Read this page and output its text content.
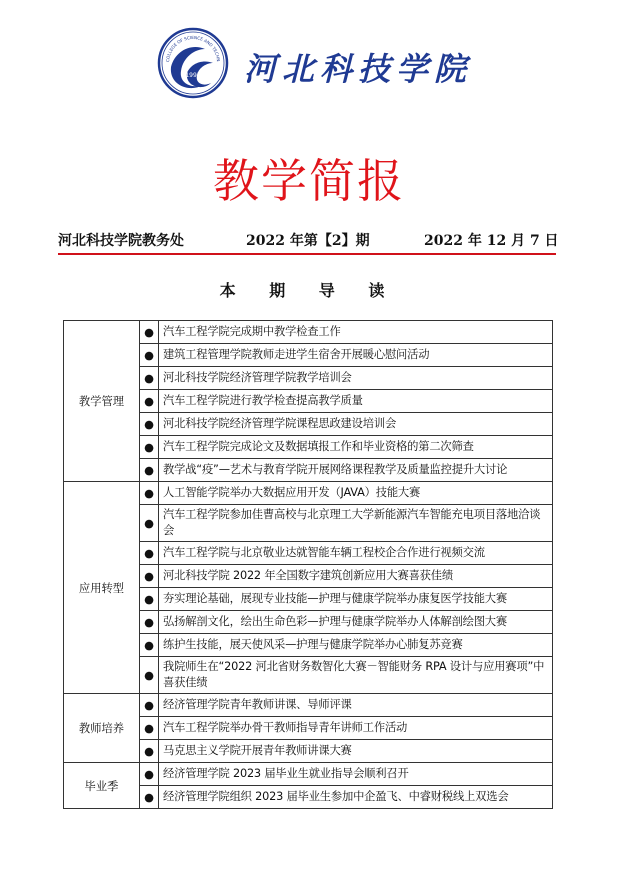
1991
COLLEGE OF SCIENCE AND TECHN 河北科技学院
教学简报
河北科技学院教务处	2022 年第【2】期	2022 年 12 月 7 日
本 期 导 读
教学管理	●	汽车工程学院完成期中教学检查工作
	●	建筑工程管理学院教师走进学生宿舍开展暖心慰问活动
	●	河北科技学院经济管理学院教学培训会
	●	汽车工程学院进行教学检查提高教学质量
	●	河北科技学院经济管理学院课程思政建设培训会
	●	汽车工程学院完成论文及数据填报工作和毕业资格的第二次筛查
	●	教学战“疫”—艺术与教育学院开展网络课程教学及质量监控提升大讨论
应用转型	●	人工智能学院举办大数据应用开发（JAVA）技能大赛
	●	汽车工程学院参加佳曹高校与北京理工大学新能源汽车智能充电项目落地洽谈会
	●	汽车工程学院与北京敬业达就智能车辆工程校企合作进行视频交流
	●	河北科技学院 2022 年全国数字建筑创新应用大赛喜获佳绩
	●	夯实理论基础，展现专业技能—护理与健康学院举办康复医学技能大赛
	●	弘扬解剖文化，绘出生命色彩—护理与健康学院举办人体解剖绘图大赛
	●	练护生技能，展天使风采—护理与健康学院举办心肺复苏竞赛
	●	我院师生在“2022 河北省财务数智化大赛－智能财务 RPA 设计与应用赛项”中喜获佳绩
教师培养	●	经济管理学院青年教师讲课、导师评课
	●	汽车工程学院举办骨干教师指导青年讲师工作活动
	●	马克思主义学院开展青年教师讲课大赛
毕业季	●	经济管理学院 2023 届毕业生就业指导会顺利召开
	●	经济管理学院组织 2023 届毕业生参加中企盈飞、中睿财税线上双选会
